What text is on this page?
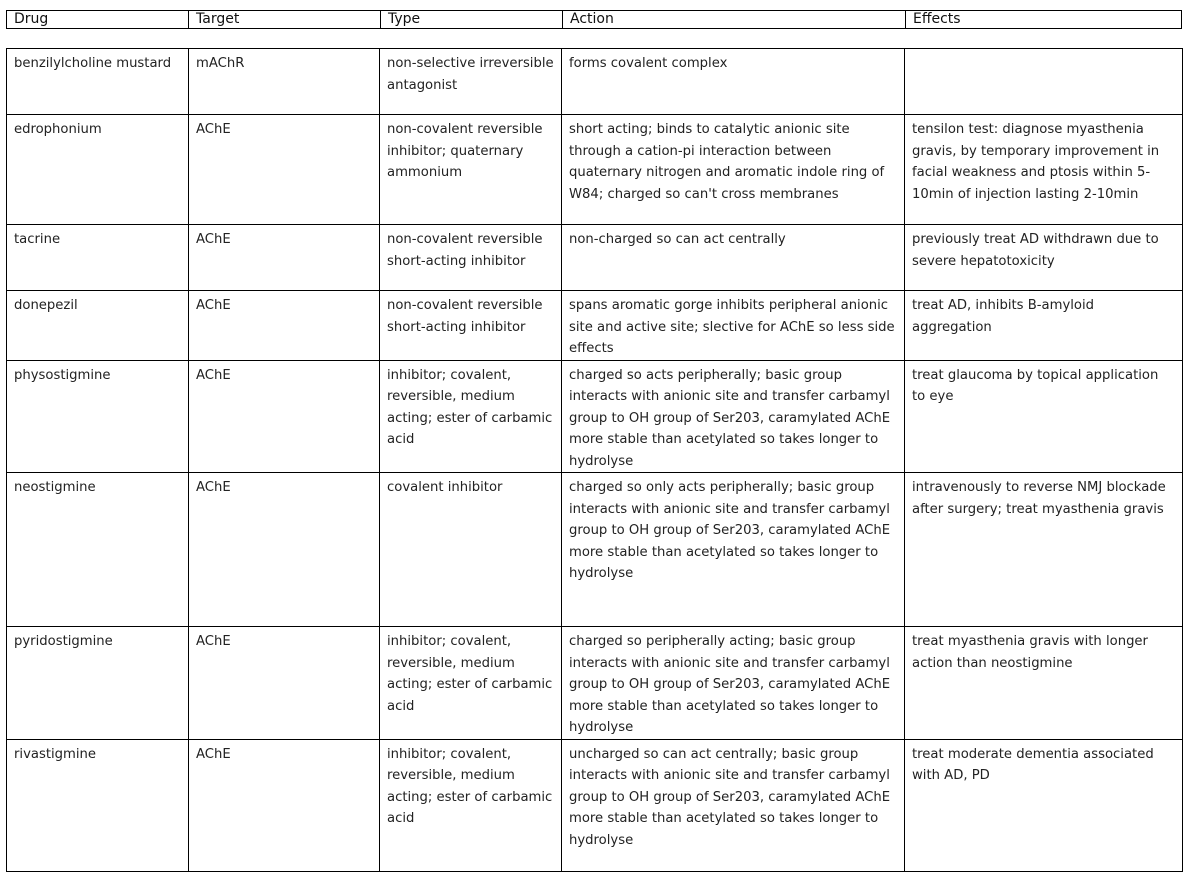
Drug	Target	Type	Action	Effects
benzilylcholine mustard	mAChR	non-selective irreversible antagonist	forms covalent complex	
edrophonium	AChE	non-covalent reversible inhibitor; quaternary ammonium	short acting; binds to catalytic anionic site through a cation-pi interaction between quaternary nitrogen and aromatic indole ring of W84; charged so can't cross membranes	tensilon test: diagnose myasthenia gravis, by temporary improvement in facial weakness and ptosis within 5-10min of injection lasting 2-10min
tacrine	AChE	non-covalent reversible short-acting inhibitor	non-charged so can act centrally	previously treat AD withdrawn due to severe hepatotoxicity
donepezil	AChE	non-covalent reversible short-acting inhibitor	spans aromatic gorge inhibits peripheral anionic site and active site; slective for AChE so less side effects	treat AD, inhibits B-amyloid aggregation
physostigmine	AChE	inhibitor; covalent, reversible, medium acting; ester of carbamic acid	charged so acts peripherally; basic group interacts with anionic site and transfer carbamyl group to OH group of Ser203, caramylated AChE more stable than acetylated so takes longer to hydrolyse	treat glaucoma by topical application to eye
neostigmine	AChE	covalent inhibitor	charged so only acts peripherally; basic group interacts with anionic site and transfer carbamyl group to OH group of Ser203, caramylated AChE more stable than acetylated so takes longer to hydrolyse	intravenously to reverse NMJ blockade after surgery; treat myasthenia gravis
pyridostigmine	AChE	inhibitor; covalent, reversible, medium acting; ester of carbamic acid	charged so peripherally acting; basic group interacts with anionic site and transfer carbamyl group to OH group of Ser203, caramylated AChE more stable than acetylated so takes longer to hydrolyse	treat myasthenia gravis with longer action than neostigmine
rivastigmine	AChE	inhibitor; covalent, reversible, medium acting; ester of carbamic acid	uncharged so can act centrally; basic group interacts with anionic site and transfer carbamyl group to OH group of Ser203, caramylated AChE more stable than acetylated so takes longer to hydrolyse	treat moderate dementia associated with AD, PD
